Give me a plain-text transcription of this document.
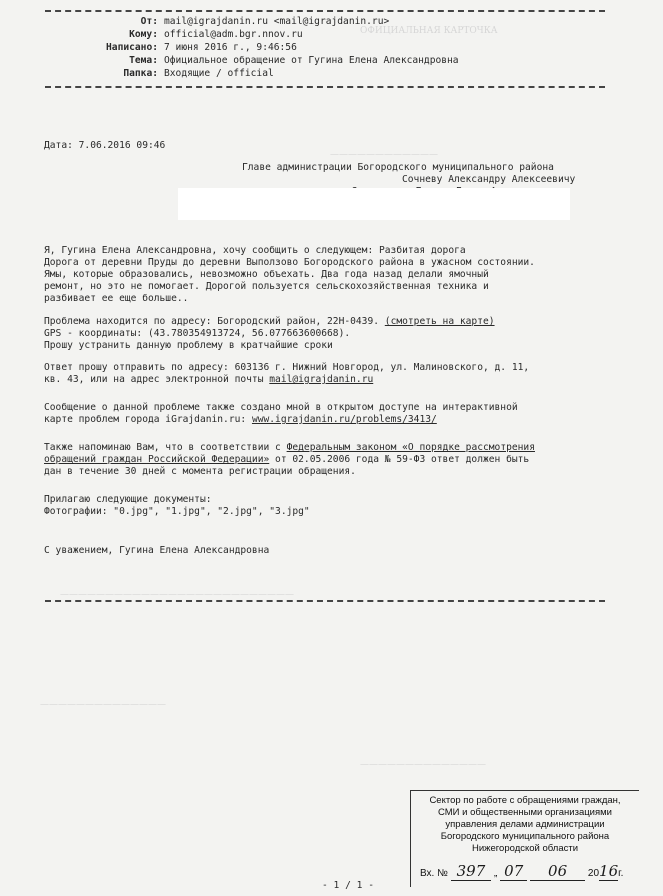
ОФИЦИАЛЬНАЯ КАРТОЧКА
————————————
——————————————————————————
——————————————
——————————————
От: mail@igrajdanin.ru <mail@igrajdanin.ru>
Кому: official@adm.bgr.nnov.ru
Написано: 7 июня 2016 г., 9:46:56
Тема: Официальное обращение от Гугина Елена Александровна
Папка: Входящие / official
Дата: 7.06.2016 09:46
Главе администрации Богородского муниципального района
Сочневу Александру Алексеевичу
Я, Гугина Елена Александровна, хочу сообщить о следующем: Разбитая дорога
Дорога от деревни Пруды до деревни Выползово Богородского района в ужасном состоянии.
Ямы, которые образовались, невозможно объехать. Два года назад делали ямочный
ремонт, но это не помогает. Дорогой пользуется сельскохозяйственная техника и
разбивает ее еще больше..
Проблема находится по адресу: Богородский район, 22Н-0439. (смотреть на карте)
GPS - координаты: (43.780354913724, 56.077663600668).
Прошу устранить данную проблему в кратчайшие сроки
Ответ прошу отправить по адресу: 603136 г. Нижний Новгород, ул. Малиновского, д. 11,
кв. 43, или на адрес электронной почты mail@igrajdanin.ru
Сообщение о данной проблеме также создано мной в открытом доступе на интерактивной
карте проблем города iGrajdanin.ru: www.igrajdanin.ru/problems/3413/
Также напоминаю Вам, что в соответствии с Федеральным законом «О порядке рассмотрения
обращений граждан Российской Федерации» от 02.05.2006 года № 59-ФЗ ответ должен быть
дан в течение 30 дней с момента регистрации обращения.
Прилагаю следующие документы:
Фотографии: "0.jpg", "1.jpg", "2.jpg", "3.jpg"
С уважением, Гугина Елена Александровна
Сектор по работе с обращениями граждан,
СМИ и общественными организациями
управления делами администрации
Богородского муниципального района
Нижегородской области
Вх. № 397 „ 07 06 2016г.
- 1 / 1 -
